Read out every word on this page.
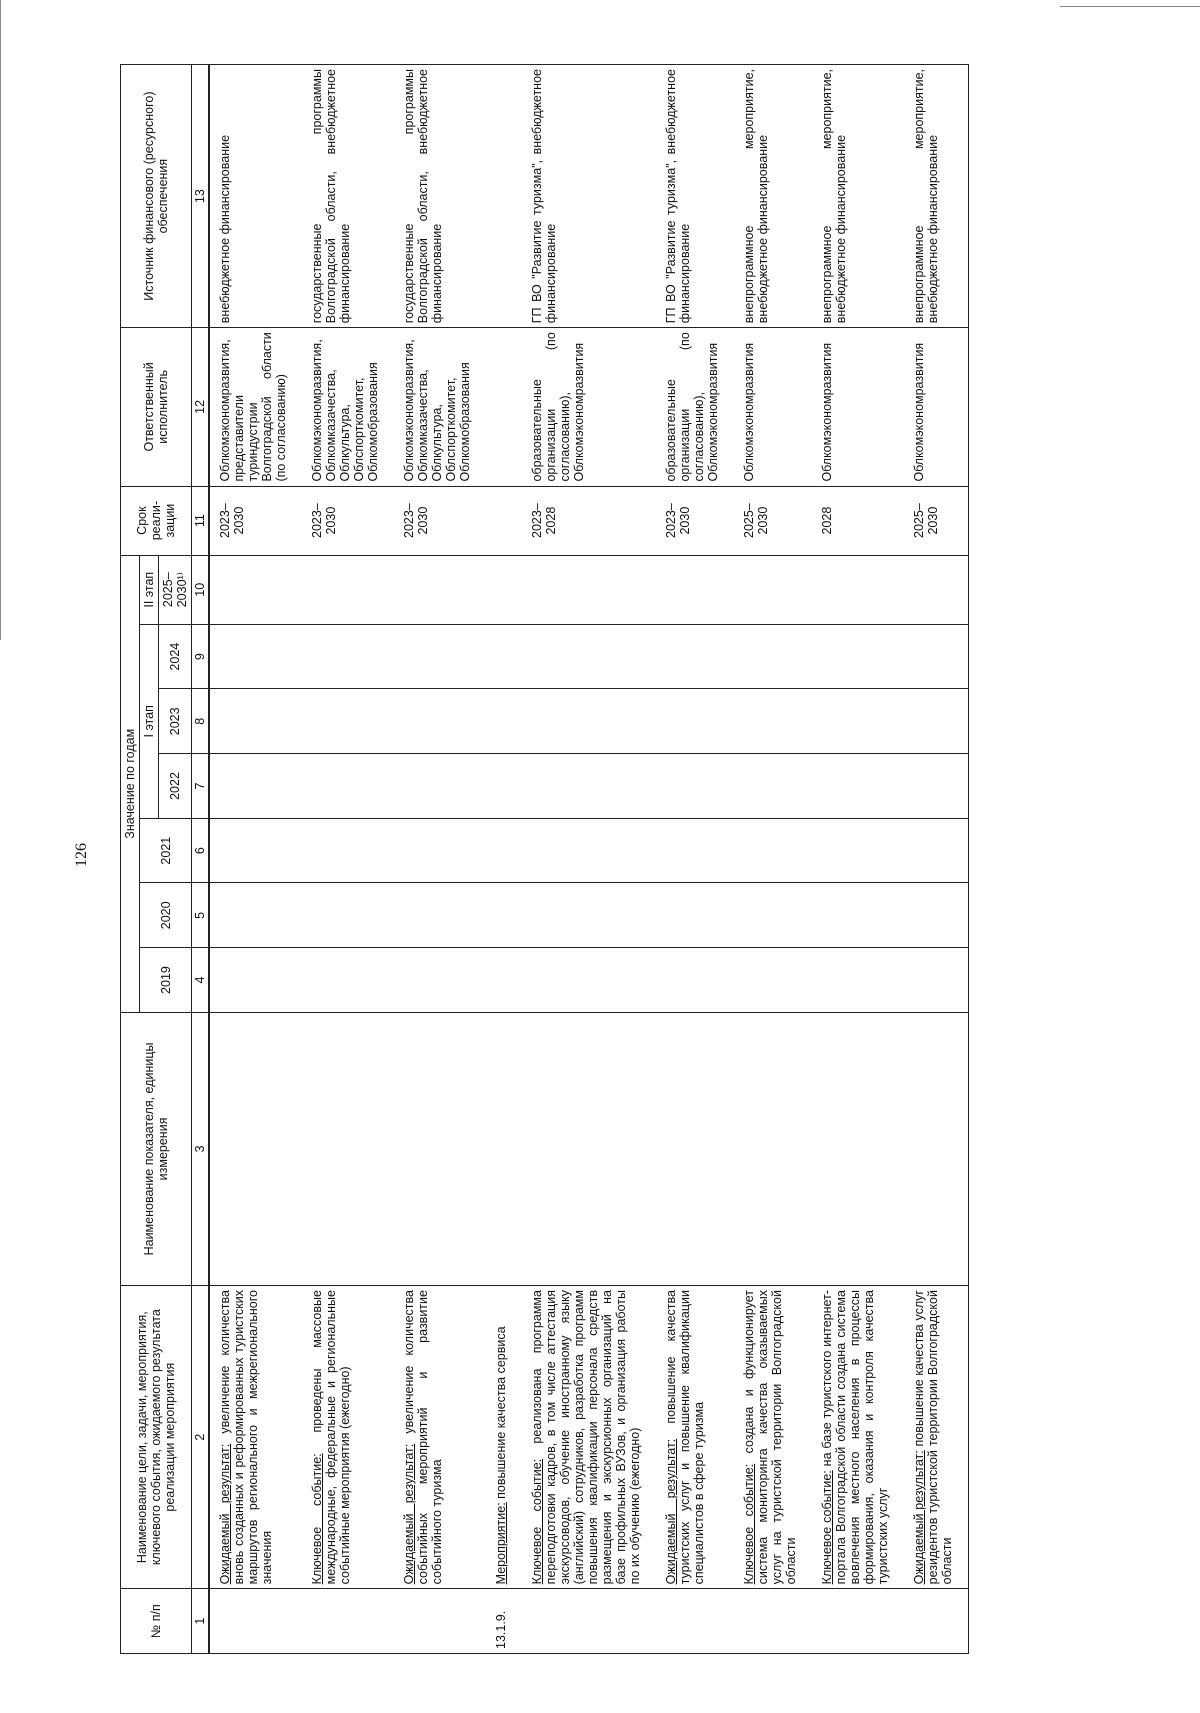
126
№ п/п	Наименование цели, задачи, мероприятия, ключевого события, ожидаемого результата реализации мероприятия	Наименование показателя, единицы измерения	Значение по годам							Срок реали-зации	Ответственный исполнитель	Источник финансового (ресурсного) обеспечения
			2019	2020	2021	I этап			II этап			
						2022	2023	2024	2025–2030¹⁾			
1	2	3	4	5	6	7	8	9	10	11	12	13
	Ожидаемый результат: увеличение количества вновь созданных и реформированных туристских маршрутов регионального и межрегионального значения									2023–2030	Облкомэкономразвития, представители туриндустрии Волгоградской области (по согласованию)	внебюджетное финансирование
	Ключевое событие: проведены массовые международные, федеральные и региональные событийные мероприятия (ежегодно)									2023–2030	Облкомэкономразвития, Облкомказачества, Облкультура, Облспорткомитет, Облкомобразования	государственные программы Волгоградской области, внебюджетное финансирование
	Ожидаемый результат: увеличение количества событийных мероприятий и развитие событийного туризма									2023–2030	Облкомэкономразвития, Облкомказачества, Облкультура, Облспорткомитет, Облкомобразования	государственные программы Волгоградской области, внебюджетное финансирование
13.1.9.	Мероприятие: повышение качества сервиса											
	Ключевое событие: реализована программа переподготовки кадров, в том числе аттестация экскурсоводов, обучение иностранному языку (английский) сотрудников, разработка программ повышения квалификации персонала средств размещения и экскурсионных организаций на базе профильных ВУЗов, и организация работы по их обучению (ежегодно)									2023–2028	образовательные организации (по согласованию), Облкомэкономразвития	ГП ВО "Развитие туризма", внебюджетное финансирование
	Ожидаемый результат: повышение качества туристских услуг и повышение квалификации специалистов в сфере туризма									2023–2030	образовательные организации (по согласованию), Облкомэкономразвития	ГП ВО "Развитие туризма", внебюджетное финансирование
	Ключевое событие: создана и функционирует система мониторинга качества оказываемых услуг на туристской территории Волгоградской области									2025–2030	Облкомэкономразвития	внепрограммное мероприятие, внебюджетное финансирование
	Ключевое событие: на базе туристского интернет-портала Волгоградской области создана система вовлечения местного населения в процессы формирования, оказания и контроля качества туристских услуг									2028	Облкомэкономразвития	внепрограммное мероприятие, внебюджетное финансирование
	Ожидаемый результат: повышение качества услуг резидентов туристской территории Волгоградской области									2025–2030	Облкомэкономразвития	внепрограммное мероприятие, внебюджетное финансирование
